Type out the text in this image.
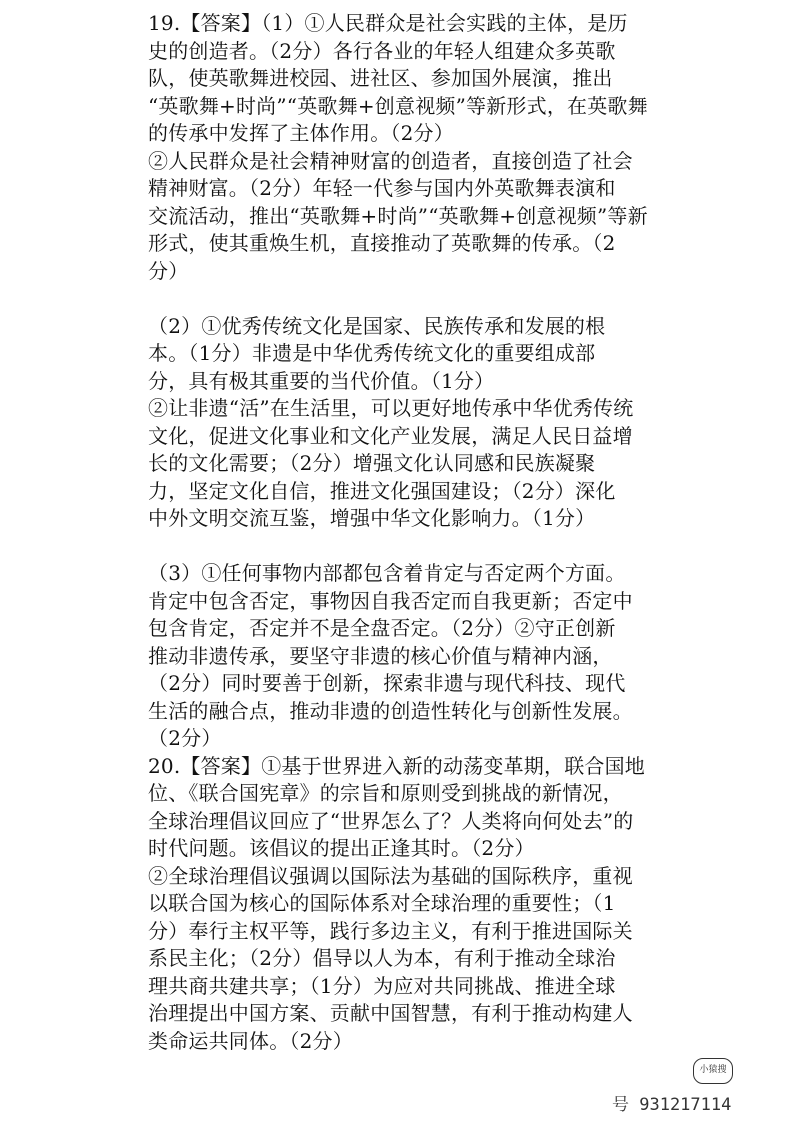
19.【答案】（1）①人民群众是社会实践的主体，是历
史的创造者。（2分）各行各业的年轻人组建众多英歌
队，使英歌舞进校园、进社区、参加国外展演，推出
“英歌舞+时尚”“英歌舞+创意视频”等新形式，在英歌舞
的传承中发挥了主体作用。（2分）
②人民群众是社会精神财富的创造者，直接创造了社会
精神财富。（2分）年轻一代参与国内外英歌舞表演和
交流活动，推出“英歌舞+时尚”“英歌舞+创意视频”等新
形式，使其重焕生机，直接推动了英歌舞的传承。（2
分）
（2）①优秀传统文化是国家、民族传承和发展的根
本。（1分）非遗是中华优秀传统文化的重要组成部
分，具有极其重要的当代价值。（1分）
②让非遗“活”在生活里，可以更好地传承中华优秀传统
文化，促进文化事业和文化产业发展，满足人民日益增
长的文化需要；（2分）增强文化认同感和民族凝聚
力，坚定文化自信，推进文化强国建设；（2分）深化
中外文明交流互鉴，增强中华文化影响力。（1分）
（3）①任何事物内部都包含着肯定与否定两个方面。
肯定中包含否定，事物因自我否定而自我更新；否定中
包含肯定，否定并不是全盘否定。（2分）②守正创新
推动非遗传承，要坚守非遗的核心价值与精神内涵，
（2分）同时要善于创新，探索非遗与现代科技、现代
生活的融合点，推动非遗的创造性转化与创新性发展。
（2分）
20.【答案】①基于世界进入新的动荡变革期，联合国地
位、《联合国宪章》的宗旨和原则受到挑战的新情况，
全球治理倡议回应了“世界怎么了？人类将向何处去”的
时代问题。该倡议的提出正逢其时。（2分）
②全球治理倡议强调以国际法为基础的国际秩序，重视
以联合国为核心的国际体系对全球治理的重要性；（1
分）奉行主权平等，践行多边主义，有利于推进国际关
系民主化；（2分）倡导以人为本，有利于推动全球治
理共商共建共享；（1分）为应对共同挑战、推进全球
治理提出中国方案、贡献中国智慧，有利于推动构建人
类命运共同体。（2分）
小猿搜
号 931217114
